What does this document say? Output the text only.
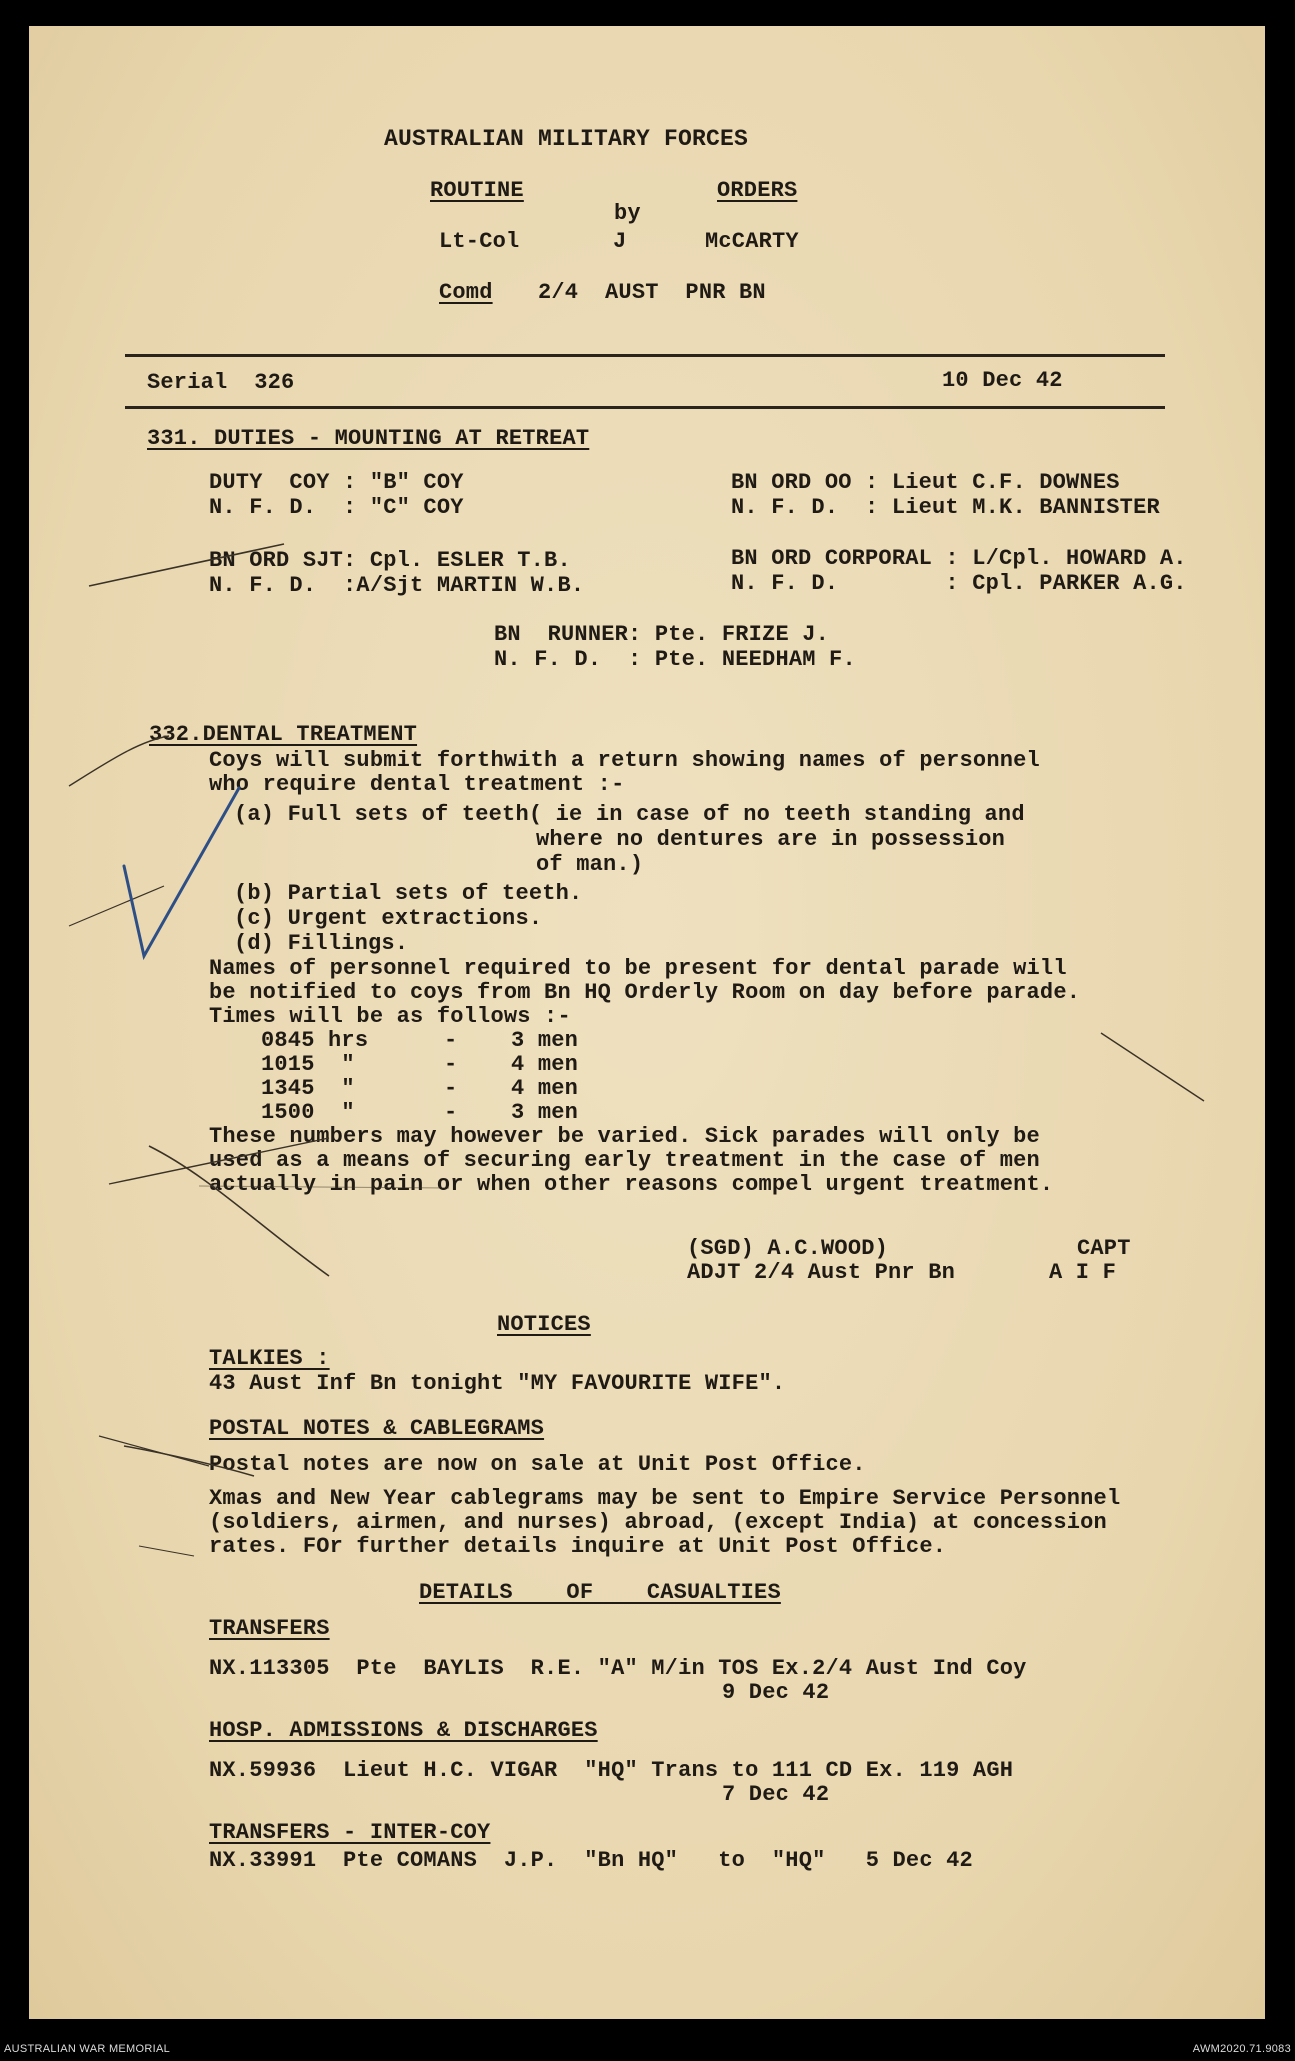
AUSTRALIAN MILITARY FORCES
ROUTINE	ORDERS
by
Lt-Col	J	McCARTY
Comd 2/4  AUST  PNR BN
Serial  326	10 Dec 42
331. DUTIES - MOUNTING AT RETREAT
DUTY  COY : "B" COY
N. F. D.  : "C" COY
BN ORD OO : Lieut C.F. DOWNES
N. F. D.  : Lieut M.K. BANNISTER
BN ORD SJT: Cpl. ESLER T.B.
N. F. D.  :A/Sjt MARTIN W.B.
BN ORD CORPORAL : L/Cpl. HOWARD A.
N. F. D.        : Cpl. PARKER A.G.
BN  RUNNER: Pte. FRIZE J.
N. F. D.  : Pte. NEEDHAM F.
332.DENTAL TREATMENT
Coys will submit forthwith a return showing names of personnel
who require dental treatment :-
(a) Full sets of teeth( ie in case of no teeth standing and
where no dentures are in possession
of man.)
(b) Partial sets of teeth.
(c) Urgent extractions.
(d) Fillings.
Names of personnel required to be present for dental parade will
be notified to coys from Bn HQ Orderly Room on day before parade.
Times will be as follows :-
0845 hrs	-    3 men
1015  "	-    4 men
1345  "	-    4 men
1500  "	-    3 men
These numbers may however be varied. Sick parades will only be
used as a means of securing early treatment in the case of men
actually in pain or when other reasons compel urgent treatment.
(SGD) A.C.WOOD)	CAPT
ADJT 2/4 Aust Pnr Bn	A I F
NOTICES
TALKIES :
43 Aust Inf Bn tonight "MY FAVOURITE WIFE".
POSTAL NOTES & CABLEGRAMS
Postal notes are now on sale at Unit Post Office.
Xmas and New Year cablegrams may be sent to Empire Service Personnel
(soldiers, airmen, and nurses) abroad, (except India) at concession
rates. FOr further details inquire at Unit Post Office.
DETAILS    OF    CASUALTIES
TRANSFERS
NX.113305  Pte  BAYLIS  R.E. "A" M/in TOS Ex.2/4 Aust Ind Coy
9 Dec 42
HOSP. ADMISSIONS & DISCHARGES
NX.59936  Lieut H.C. VIGAR  "HQ" Trans to 111 CD Ex. 119 AGH
7 Dec 42
TRANSFERS - INTER-COY
NX.33991  Pte COMANS  J.P.  "Bn HQ"   to  "HQ"   5 Dec 42
AUSTRALIAN WAR MEMORIAL	AWM2020.71.9083
